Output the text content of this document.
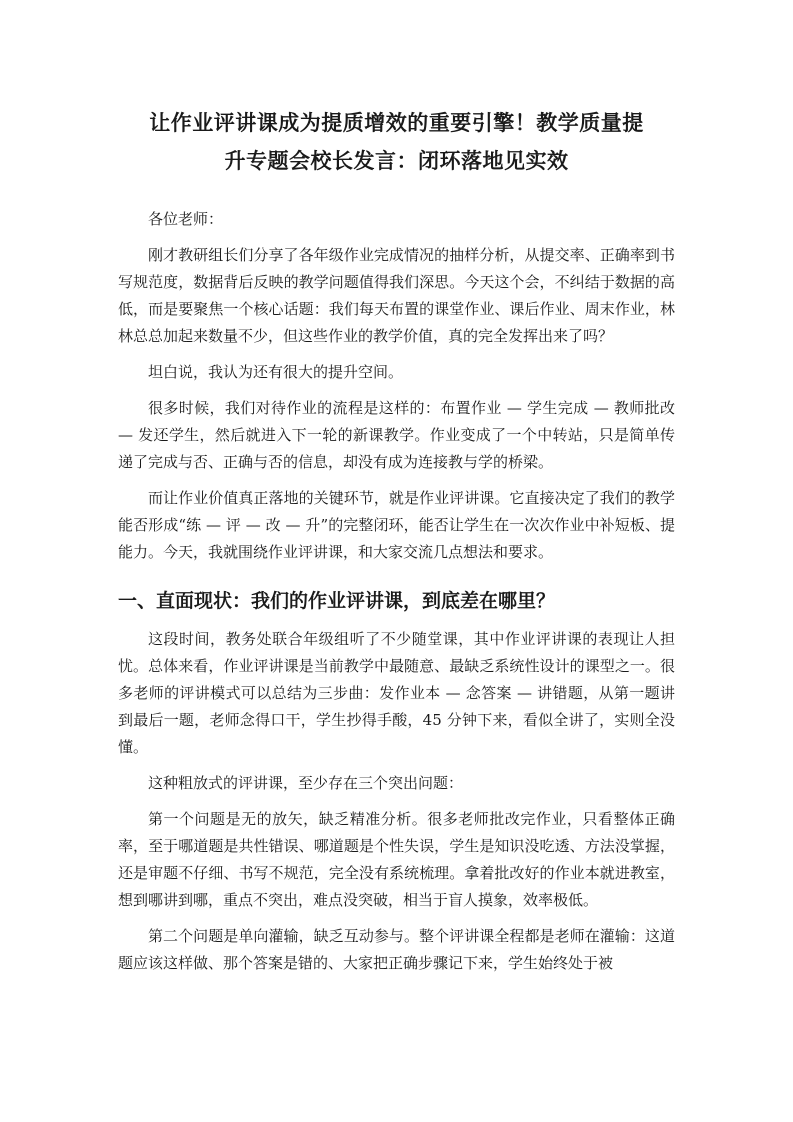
让作业评讲课成为提质增效的重要引擎！教学质量提
升专题会校长发言：闭环落地见实效

各位老师：

刚才教研组长们分享了各年级作业完成情况的抽样分析，从提交率、正确率到书写规范度，数据背后反映的教学问题值得我们深思。今天这个会，不纠结于数据的高低，而是要聚焦一个核心话题：我们每天布置的课堂作业、课后作业、周末作业，林林总总加起来数量不少，但这些作业的教学价值，真的完全发挥出来了吗？

坦白说，我认为还有很大的提升空间。

很多时候，我们对待作业的流程是这样的：布置作业 — 学生完成 — 教师批改 — 发还学生，然后就进入下一轮的新课教学。作业变成了一个中转站，只是简单传递了完成与否、正确与否的信息，却没有成为连接教与学的桥梁。

而让作业价值真正落地的关键环节，就是作业评讲课。它直接决定了我们的教学能否形成“练 — 评 — 改 — 升”的完整闭环，能否让学生在一次次作业中补短板、提能力。今天，我就围绕作业评讲课，和大家交流几点想法和要求。

一、直面现状：我们的作业评讲课，到底差在哪里？

这段时间，教务处联合年级组听了不少随堂课，其中作业评讲课的表现让人担忧。总体来看，作业评讲课是当前教学中最随意、最缺乏系统性设计的课型之一。很多老师的评讲模式可以总结为三步曲：发作业本 — 念答案 — 讲错题，从第一题讲到最后一题，老师念得口干，学生抄得手酸，45 分钟下来，看似全讲了，实则全没懂。

这种粗放式的评讲课，至少存在三个突出问题：

第一个问题是无的放矢，缺乏精准分析。很多老师批改完作业，只看整体正确率，至于哪道题是共性错误、哪道题是个性失误，学生是知识没吃透、方法没掌握，还是审题不仔细、书写不规范，完全没有系统梳理。拿着批改好的作业本就进教室，想到哪讲到哪，重点不突出，难点没突破，相当于盲人摸象，效率极低。

第二个问题是单向灌输，缺乏互动参与。整个评讲课全程都是老师在灌输：这道题应该这样做、那个答案是错的、大家把正确步骤记下来，学生始终处于被
